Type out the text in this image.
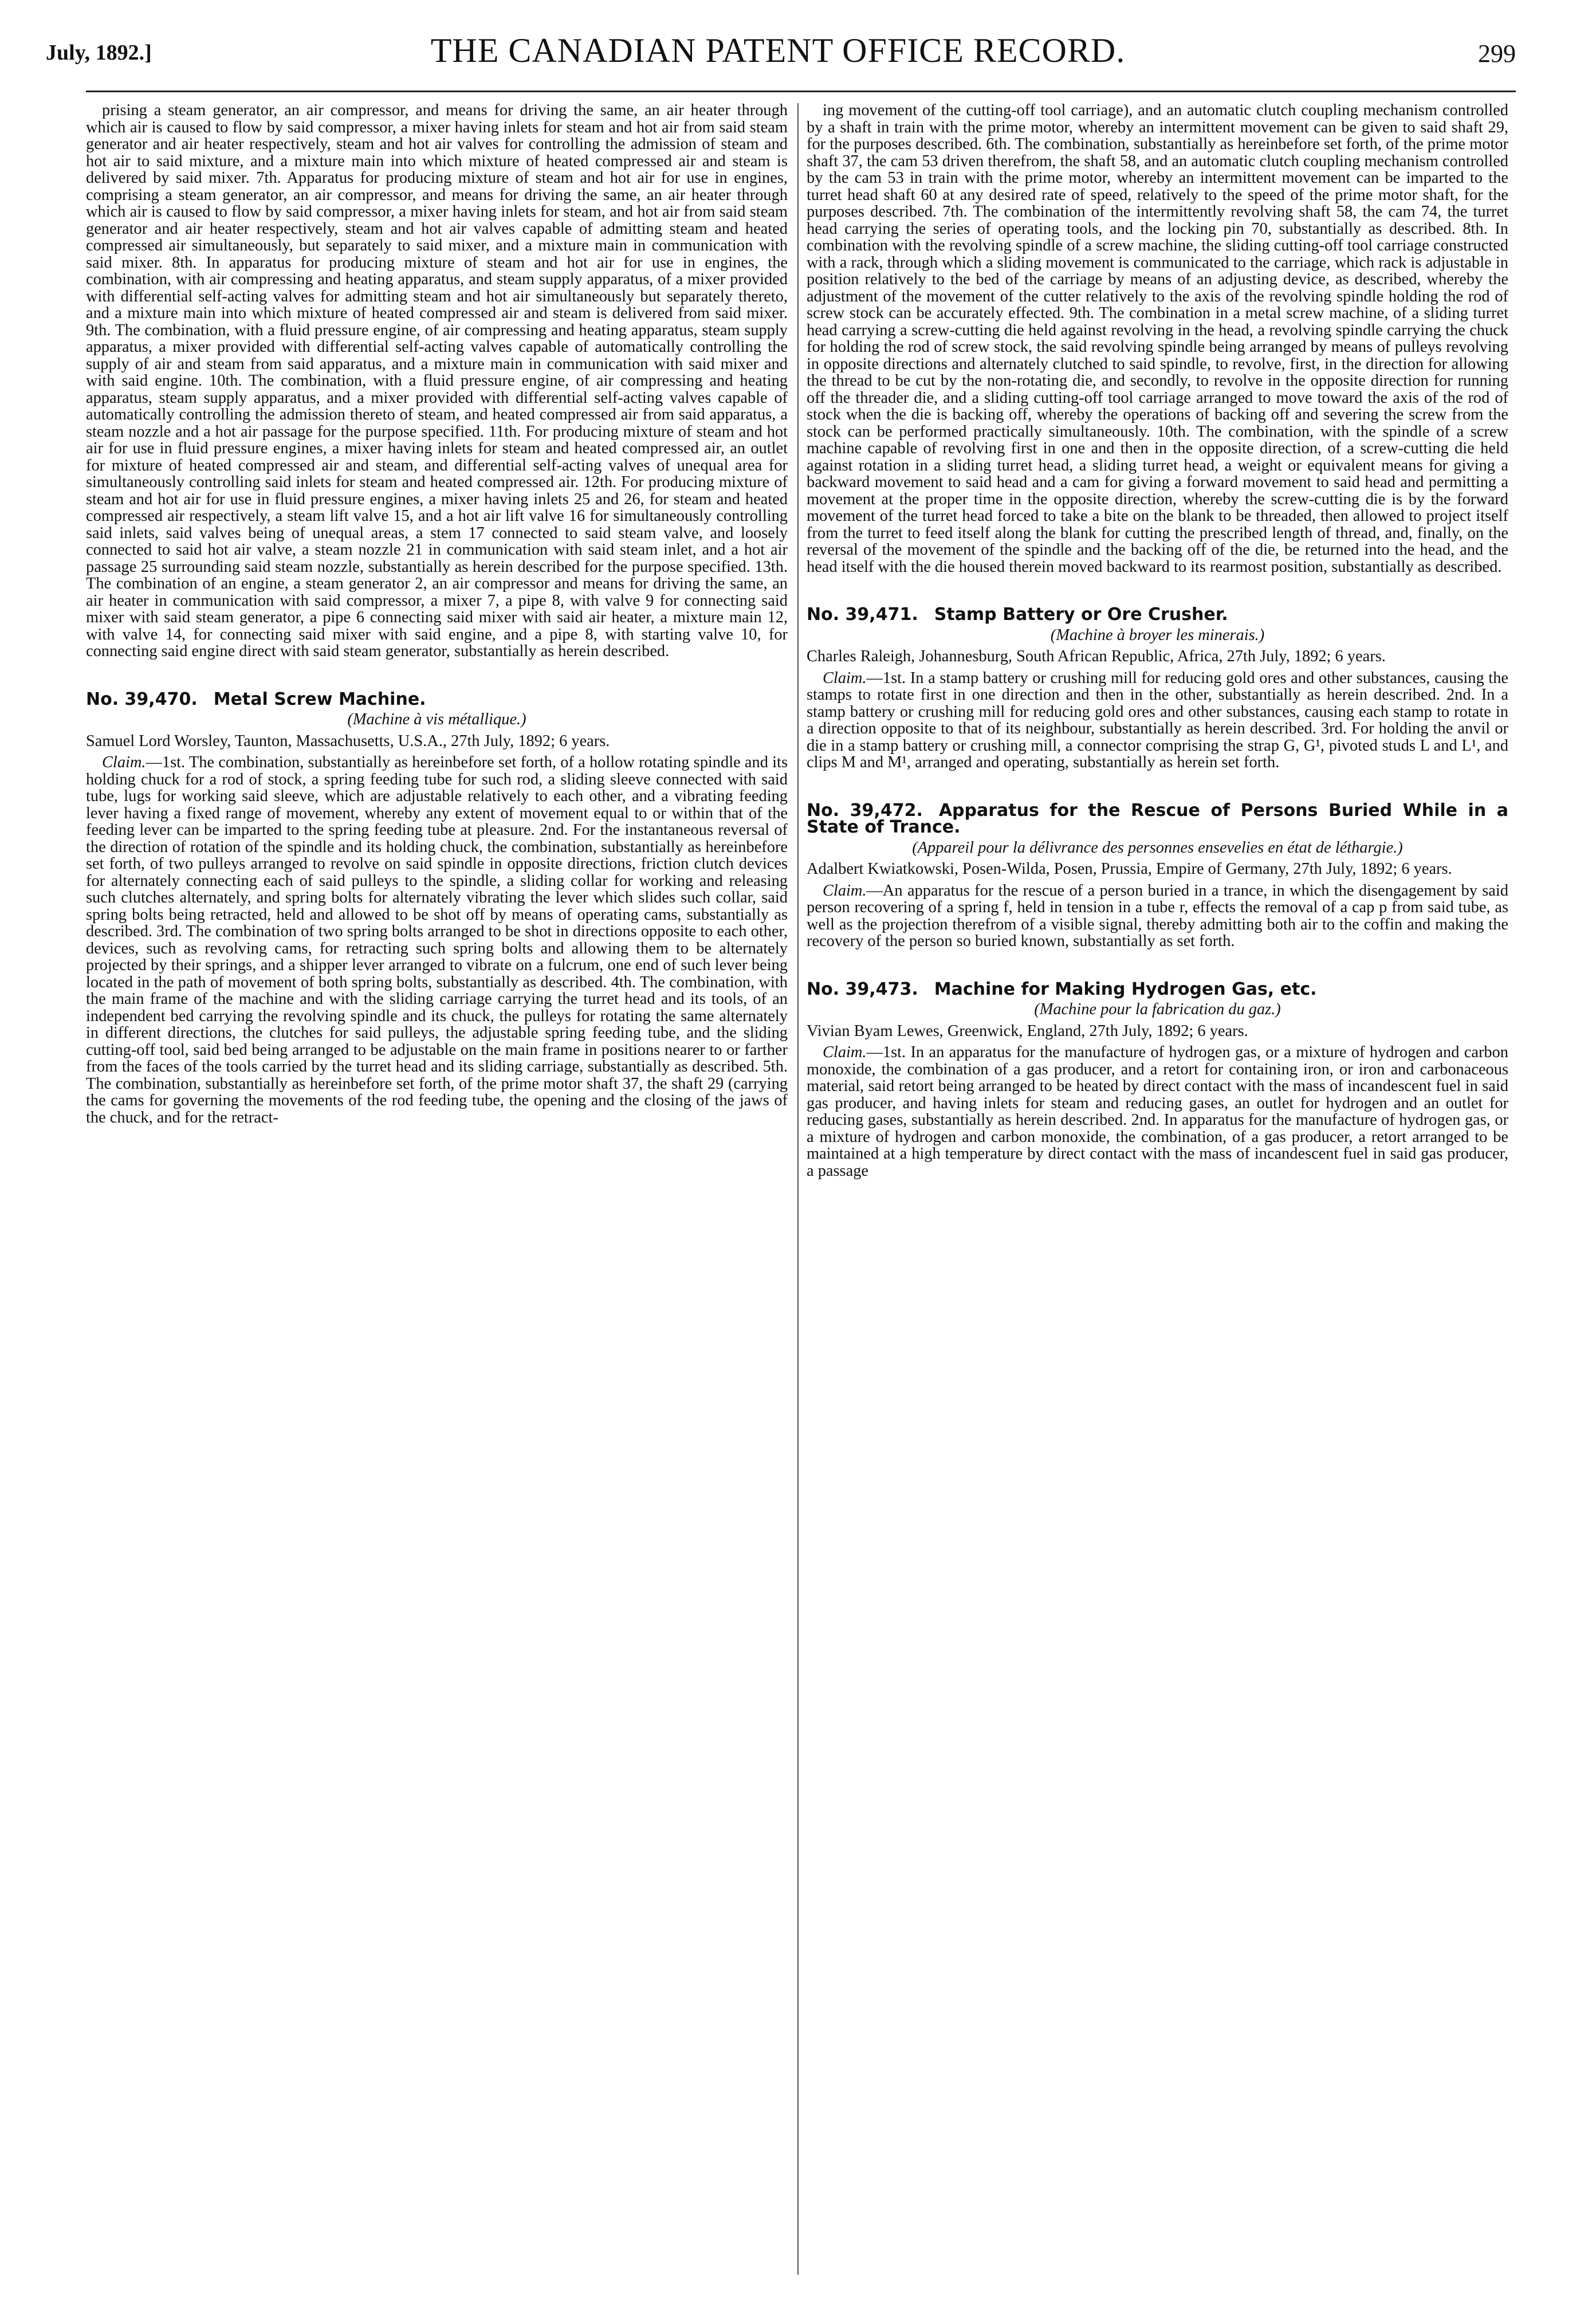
July, 1892.]	THE CANADIAN PATENT OFFICE RECORD.	299

prising a steam generator, an air compressor, and means for driving the same, an air heater through which air is caused to flow by said compressor, a mixer having inlets for steam and hot air from said steam generator and air heater respectively, steam and hot air valves for controlling the admission of steam and hot air to said mixture, and a mixture main into which mixture of heated compressed air and steam is delivered by said mixer. 7th. Apparatus for producing mixture of steam and hot air for use in engines, comprising a steam generator, an air compressor, and means for driving the same, an air heater through which air is caused to flow by said compressor, a mixer having inlets for steam, and hot air from said steam generator and air heater respectively, steam and hot air valves capable of admitting steam and heated compressed air simultaneously, but separately to said mixer, and a mixture main in communication with said mixer. 8th. In apparatus for producing mixture of steam and hot air for use in engines, the combination, with air compressing and heating apparatus, and steam supply apparatus, of a mixer provided with differential self-acting valves for admitting steam and hot air simultaneously but separately thereto, and a mixture main into which mixture of heated compressed air and steam is delivered from said mixer. 9th. The combination, with a fluid pressure engine, of air compressing and heating apparatus, steam supply apparatus, a mixer provided with differential self-acting valves capable of automatically controlling the supply of air and steam from said apparatus, and a mixture main in communication with said mixer and with said engine. 10th. The combination, with a fluid pressure engine, of air compressing and heating apparatus, steam supply apparatus, and a mixer provided with differential self-acting valves capable of automatically controlling the admission thereto of steam, and heated compressed air from said apparatus, a steam nozzle and a hot air passage for the purpose specified. 11th. For producing mixture of steam and hot air for use in fluid pressure engines, a mixer having inlets for steam and heated compressed air, an outlet for mixture of heated compressed air and steam, and differential self-acting valves of unequal area for simultaneously controlling said inlets for steam and heated compressed air. 12th. For producing mixture of steam and hot air for use in fluid pressure engines, a mixer having inlets 25 and 26, for steam and heated compressed air respectively, a steam lift valve 15, and a hot air lift valve 16 for simultaneously controlling said inlets, said valves being of unequal areas, a stem 17 connected to said steam valve, and loosely connected to said hot air valve, a steam nozzle 21 in communication with said steam inlet, and a hot air passage 25 surrounding said steam nozzle, substantially as herein described for the purpose specified. 13th. The combination of an engine, a steam generator 2, an air compressor and means for driving the same, an air heater in communication with said compressor, a mixer 7, a pipe 8, with valve 9 for connecting said mixer with said steam generator, a pipe 6 connecting said mixer with said air heater, a mixture main 12, with valve 14, for connecting said mixer with said engine, and a pipe 8, with starting valve 10, for connecting said engine direct with said steam generator, substantially as herein described.

No. 39,470. Metal Screw Machine.
(Machine à vis métallique.)

Samuel Lord Worsley, Taunton, Massachusetts, U.S.A., 27th July, 1892; 6 years.

Claim.—1st. The combination, substantially as hereinbefore set forth, of a hollow rotating spindle and its holding chuck for a rod of stock, a spring feeding tube for such rod, a sliding sleeve connected with said tube, lugs for working said sleeve, which are adjustable relatively to each other, and a vibrating feeding lever having a fixed range of movement, whereby any extent of movement equal to or within that of the feeding lever can be imparted to the spring feeding tube at pleasure. 2nd. For the instantaneous reversal of the direction of rotation of the spindle and its holding chuck, the combination, substantially as hereinbefore set forth, of two pulleys arranged to revolve on said spindle in opposite directions, friction clutch devices for alternately connecting each of said pulleys to the spindle, a sliding collar for working and releasing such clutches alternately, and spring bolts for alternately vibrating the lever which slides such collar, said spring bolts being retracted, held and allowed to be shot off by means of operating cams, substantially as described. 3rd. The combination of two spring bolts arranged to be shot in directions opposite to each other, devices, such as revolving cams, for retracting such spring bolts and allowing them to be alternately projected by their springs, and a shipper lever arranged to vibrate on a fulcrum, one end of such lever being located in the path of movement of both spring bolts, substantially as described. 4th. The combination, with the main frame of the machine and with the sliding carriage carrying the turret head and its tools, of an independent bed carrying the revolving spindle and its chuck, the pulleys for rotating the same alternately in different directions, the clutches for said pulleys, the adjustable spring feeding tube, and the sliding cutting-off tool, said bed being arranged to be adjustable on the main frame in positions nearer to or farther from the faces of the tools carried by the turret head and its sliding carriage, substantially as described. 5th. The combination, substantially as hereinbefore set forth, of the prime motor shaft 37, the shaft 29 (carrying the cams for governing the movements of the rod feeding tube, the opening and the closing of the jaws of the chuck, and for the retract-

ing movement of the cutting-off tool carriage), and an automatic clutch coupling mechanism controlled by a shaft in train with the prime motor, whereby an intermittent movement can be given to said shaft 29, for the purposes described. 6th. The combination, substantially as hereinbefore set forth, of the prime motor shaft 37, the cam 53 driven therefrom, the shaft 58, and an automatic clutch coupling mechanism controlled by the cam 53 in train with the prime motor, whereby an intermittent movement can be imparted to the turret head shaft 60 at any desired rate of speed, relatively to the speed of the prime motor shaft, for the purposes described. 7th. The combination of the intermittently revolving shaft 58, the cam 74, the turret head carrying the series of operating tools, and the locking pin 70, substantially as described. 8th. In combination with the revolving spindle of a screw machine, the sliding cutting-off tool carriage constructed with a rack, through which a sliding movement is communicated to the carriage, which rack is adjustable in position relatively to the bed of the carriage by means of an adjusting device, as described, whereby the adjustment of the movement of the cutter relatively to the axis of the revolving spindle holding the rod of screw stock can be accurately effected. 9th. The combination in a metal screw machine, of a sliding turret head carrying a screw-cutting die held against revolving in the head, a revolving spindle carrying the chuck for holding the rod of screw stock, the said revolving spindle being arranged by means of pulleys revolving in opposite directions and alternately clutched to said spindle, to revolve, first, in the direction for allowing the thread to be cut by the non-rotating die, and secondly, to revolve in the opposite direction for running off the threader die, and a sliding cutting-off tool carriage arranged to move toward the axis of the rod of stock when the die is backing off, whereby the operations of backing off and severing the screw from the stock can be performed practically simultaneously. 10th. The combination, with the spindle of a screw machine capable of revolving first in one and then in the opposite direction, of a screw-cutting die held against rotation in a sliding turret head, a sliding turret head, a weight or equivalent means for giving a backward movement to said head and a cam for giving a forward movement to said head and permitting a movement at the proper time in the opposite direction, whereby the screw-cutting die is by the forward movement of the turret head forced to take a bite on the blank to be threaded, then allowed to project itself from the turret to feed itself along the blank for cutting the prescribed length of thread, and, finally, on the reversal of the movement of the spindle and the backing off of the die, be returned into the head, and the head itself with the die housed therein moved backward to its rearmost position, substantially as described.

No. 39,471. Stamp Battery or Ore Crusher.
(Machine à broyer les minerais.)

Charles Raleigh, Johannesburg, South African Republic, Africa, 27th July, 1892; 6 years.

Claim.—1st. In a stamp battery or crushing mill for reducing gold ores and other substances, causing the stamps to rotate first in one direction and then in the other, substantially as herein described. 2nd. In a stamp battery or crushing mill for reducing gold ores and other substances, causing each stamp to rotate in a direction opposite to that of its neighbour, substantially as herein described. 3rd. For holding the anvil or die in a stamp battery or crushing mill, a connector comprising the strap G, G¹, pivoted studs L and L¹, and clips M and M¹, arranged and operating, substantially as herein set forth.

No. 39,472. Apparatus for the Rescue of Persons Buried While in a State of Trance.
(Appareil pour la délivrance des personnes ensevelies en état de léthargie.)

Adalbert Kwiatkowski, Posen-Wilda, Posen, Prussia, Empire of Germany, 27th July, 1892; 6 years.

Claim.—An apparatus for the rescue of a person buried in a trance, in which the disengagement by said person recovering of a spring f, held in tension in a tube r, effects the removal of a cap p from said tube, as well as the projection therefrom of a visible signal, thereby admitting both air to the coffin and making the recovery of the person so buried known, substantially as set forth.

No. 39,473. Machine for Making Hydrogen Gas, etc.
(Machine pour la fabrication du gaz.)

Vivian Byam Lewes, Greenwick, England, 27th July, 1892; 6 years.

Claim.—1st. In an apparatus for the manufacture of hydrogen gas, or a mixture of hydrogen and carbon monoxide, the combination of a gas producer, and a retort for containing iron, or iron and carbonaceous material, said retort being arranged to be heated by direct contact with the mass of incandescent fuel in said gas producer, and having inlets for steam and reducing gases, an outlet for hydrogen and an outlet for reducing gases, substantially as herein described. 2nd. In apparatus for the manufacture of hydrogen gas, or a mixture of hydrogen and carbon monoxide, the combination, of a gas producer, a retort arranged to be maintained at a high temperature by direct contact with the mass of incandescent fuel in said gas producer, a passage
